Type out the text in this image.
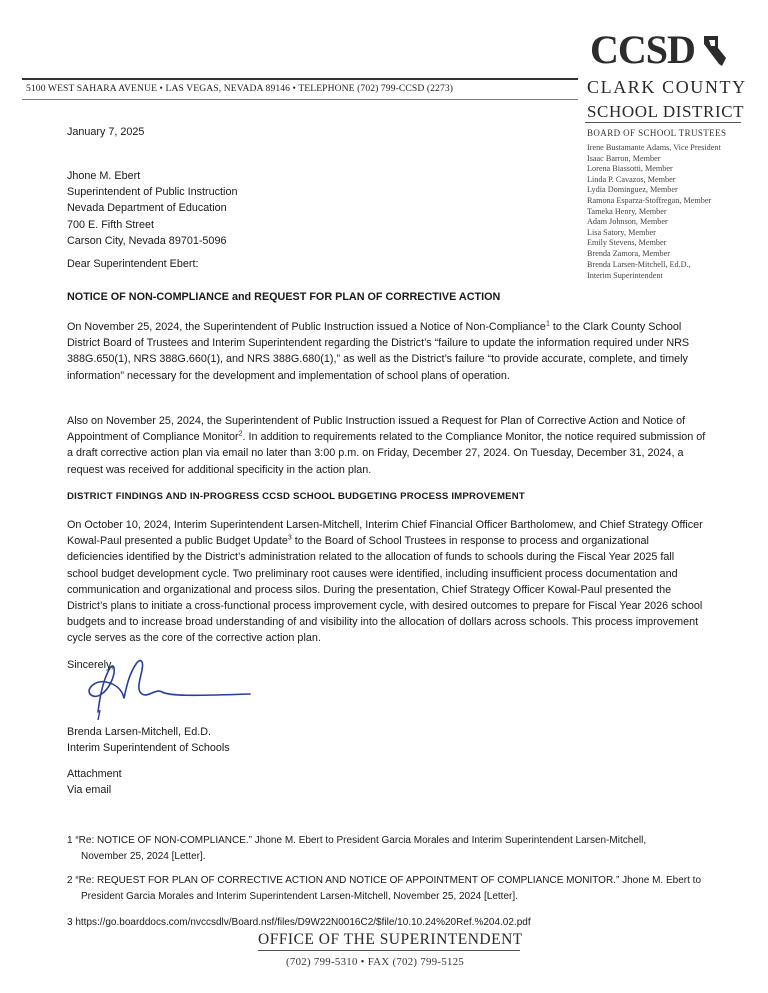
5100 WEST SAHARA AVENUE • LAS VEGAS, NEVADA 89146 • TELEPHONE (702) 799-CCSD (2273)
CCSD
CLARK COUNTY
SCHOOL DISTRICT
BOARD OF SCHOOL TRUSTEES
Irene Bustamante Adams, Vice President
Isaac Barron, Member
Lorena Biassotti, Member
Linda P. Cavazos, Member
Lydia Dominguez, Member
Ramona Esparza-Stoffregan, Member
Tameka Henry, Member
Adam Johnson, Member
Lisa Satory, Member
Emily Stevens, Member
Brenda Zamora, Member
Brenda Larsen-Mitchell, Ed.D.,
Interim Superintendent
January 7, 2025
Jhone M. Ebert
Superintendent of Public Instruction
Nevada Department of Education
700 E. Fifth Street
Carson City, Nevada 89701-5096
Dear Superintendent Ebert:
NOTICE OF NON-COMPLIANCE and REQUEST FOR PLAN OF CORRECTIVE ACTION
On November 25, 2024, the Superintendent of Public Instruction issued a Notice of Non-Compliance$^1$ to the Clark County School District Board of Trustees and Interim Superintendent regarding the District’s “failure to update the information required under NRS 388G.650(1), NRS 388G.660(1), and NRS 388G.680(1),” as well as the District’s failure “to provide accurate, complete, and timely information” necessary for the development and implementation of school plans of operation.
Also on November 25, 2024, the Superintendent of Public Instruction issued a Request for Plan of Corrective Action and Notice of Appointment of Compliance Monitor$^2$. In addition to requirements related to the Compliance Monitor, the notice required submission of a draft corrective action plan via email no later than 3:00 p.m. on Friday, December 27, 2024. On Tuesday, December 31, 2024, a request was received for additional specificity in the action plan.
DISTRICT FINDINGS AND IN-PROGRESS CCSD SCHOOL BUDGETING PROCESS IMPROVEMENT
On October 10, 2024, Interim Superintendent Larsen-Mitchell, Interim Chief Financial Officer Bartholomew, and Chief Strategy Officer Kowal-Paul presented a public Budget Update$^3$ to the Board of School Trustees in response to process and organizational deficiencies identified by the District’s administration related to the allocation of funds to schools during the Fiscal Year 2025 fall school budget development cycle. Two preliminary root causes were identified, including insufficient process documentation and communication and organizational and process silos. During the presentation, Chief Strategy Officer Kowal-Paul presented the District’s plans to initiate a cross-functional process improvement cycle, with desired outcomes to prepare for Fiscal Year 2026 school budgets and to increase broad understanding of and visibility into the allocation of dollars across schools. This process improvement cycle serves as the core of the corrective action plan.
Sincerely,
Brenda Larsen-Mitchell, Ed.D.
Interim Superintendent of Schools
Attachment
Via email
1 “Re: NOTICE OF NON-COMPLIANCE.” Jhone M. Ebert to President Garcia Morales and Interim Superintendent Larsen-Mitchell,
November 25, 2024 [Letter].
2 “Re: REQUEST FOR PLAN OF CORRECTIVE ACTION AND NOTICE OF APPOINTMENT OF COMPLIANCE MONITOR.” Jhone M. Ebert to
President Garcia Morales and Interim Superintendent Larsen-Mitchell, November 25, 2024 [Letter].
3 https://go.boarddocs.com/nvccsdlv/Board.nsf/files/D9W22N0016C2/$file/10.10.24%20Ref.%204.02.pdf
OFFICE OF THE SUPERINTENDENT
(702) 799-5310 • FAX (702) 799-5125
